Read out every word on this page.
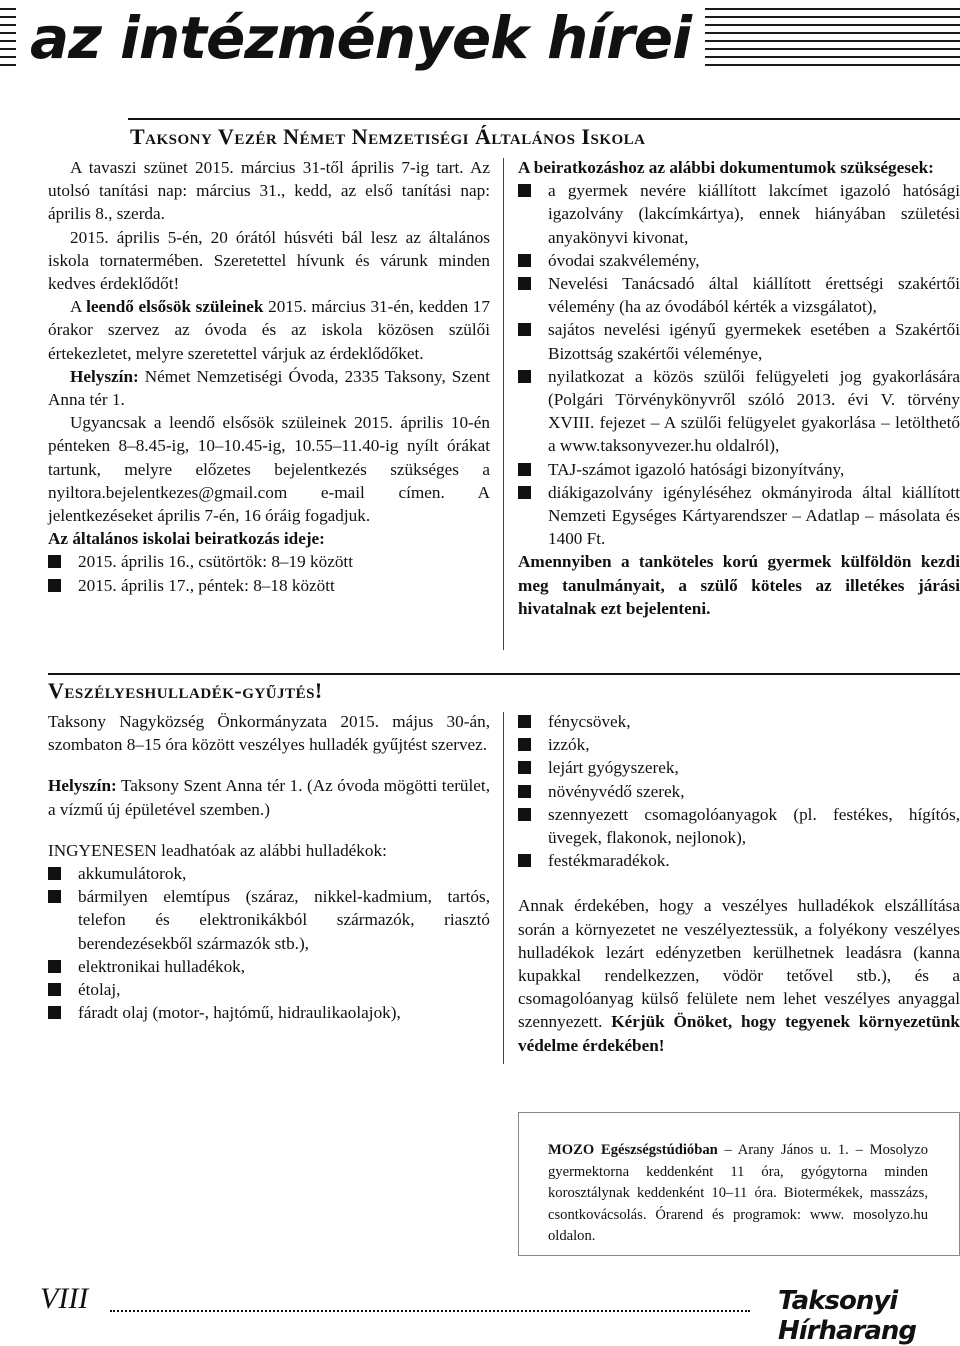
az intézmények hírei
Taksony Vezér Német Nemzetiségi Általános Iskola

A tavaszi szünet 2015. március 31-től április 7-ig tart. Az utolsó tanítási nap: március 31., kedd, az első tanítási nap: április 8., szerda.

2015. április 5-én, 20 órától húsvéti bál lesz az általános iskola tornatermében. Szeretettel hívunk és várunk minden kedves érdeklődőt!

A leendő elsősök szüleinek 2015. március 31-én, kedden 17 órakor szervez az óvoda és az iskola közösen szülői értekezletet, melyre szeretettel várjuk az érdeklődőket.

Helyszín: Német Nemzetiségi Óvoda, 2335 Taksony, Szent Anna tér 1.

Ugyancsak a leendő elsősök szüleinek 2015. április 10-én pénteken 8–8.45-ig, 10–10.45-ig, 10.55–11.40-ig nyílt órákat tartunk, melyre előzetes bejelentkezés szükséges a nyiltora.bejelentkezes@gmail.com e-mail címen. A jelentkezéseket április 7-én, 16 óráig fogadjuk.

Az általános iskolai beiratkozás ideje:

2015. április 16., csütörtök: 8–19 között
2015. április 17., péntek: 8–18 között

A beiratkozáshoz az alábbi dokumentumok szükségesek:

a gyermek nevére kiállított lakcímet igazoló hatósági igazolvány (lakcímkártya), ennek hiányában születési anyakönyvi kivonat,
óvodai szakvélemény,
Nevelési Tanácsadó által kiállított érettségi szakértői vélemény (ha az óvodából kérték a vizsgálatot),
sajátos nevelési igényű gyermekek esetében a Szakértői Bizottság szakértői véleménye,
nyilatkozat a közös szülői felügyeleti jog gyakorlására (Polgári Törvénykönyvről szóló 2013. évi V. törvény XVIII. fejezet – A szülői felügyelet gyakorlása – letölthető a www.taksonyvezer.hu oldalról),
TAJ-számot igazoló hatósági bizonyítvány,
diákigazolvány igényléséhez okmányiroda által kiállított Nemzeti Egységes Kártyarendszer – Adatlap – másolata és 1400 Ft.

Amennyiben a tanköteles korú gyermek külföldön kezdi meg tanulmányait, a szülő köteles az illetékes járási hivatalnak ezt bejelenteni.

Veszélyeshulladék-gyűjtés!

Taksony Nagyközség Önkormányzata 2015. május 30-án, szombaton 8–15 óra között veszélyes hulladék gyűjtést szervez.

Helyszín: Taksony Szent Anna tér 1. (Az óvoda mögötti terület, a vízmű új épületével szemben.)

INGYENESEN leadhatóak az alábbi hulladékok:

akkumulátorok,
bármilyen elemtípus (száraz, nikkel-kadmium, tartós, telefon és elektronikákból származók, riasztó berendezésekből származók stb.),
elektronikai hulladékok,
étolaj,
fáradt olaj (motor-, hajtómű, hidraulikaolajok),
fénycsövek,
izzók,
lejárt gyógyszerek,
növényvédő szerek,
szennyezett csomagolóanyagok (pl. festékes, hígítós, üvegek, flakonok, nejlonok),
festékmaradékok.

Annak érdekében, hogy a veszélyes hulladékok elszállítása során a környezetet ne veszélyeztessük, a folyékony veszélyes hulladékok lezárt edényzetben kerülhetnek leadásra (kanna kupakkal rendelkezzen, vödör tetővel stb.), és a csomagolóanyag külső felülete nem lehet veszélyes anyaggal szennyezett. Kérjük Önöket, hogy tegyenek környezetünk védelme érdekében!

MOZO Egészségstúdióban – Arany János u. 1. – Mosolyzo gyermektorna keddenként 11 óra, gyógytorna minden korosztálynak keddenként 10–11 óra. Biotermékek, masszázs, csontkovácsolás. Órarend és programok: www. mosolyzo.hu oldalon.
VIII	Taksonyi Hírharang
